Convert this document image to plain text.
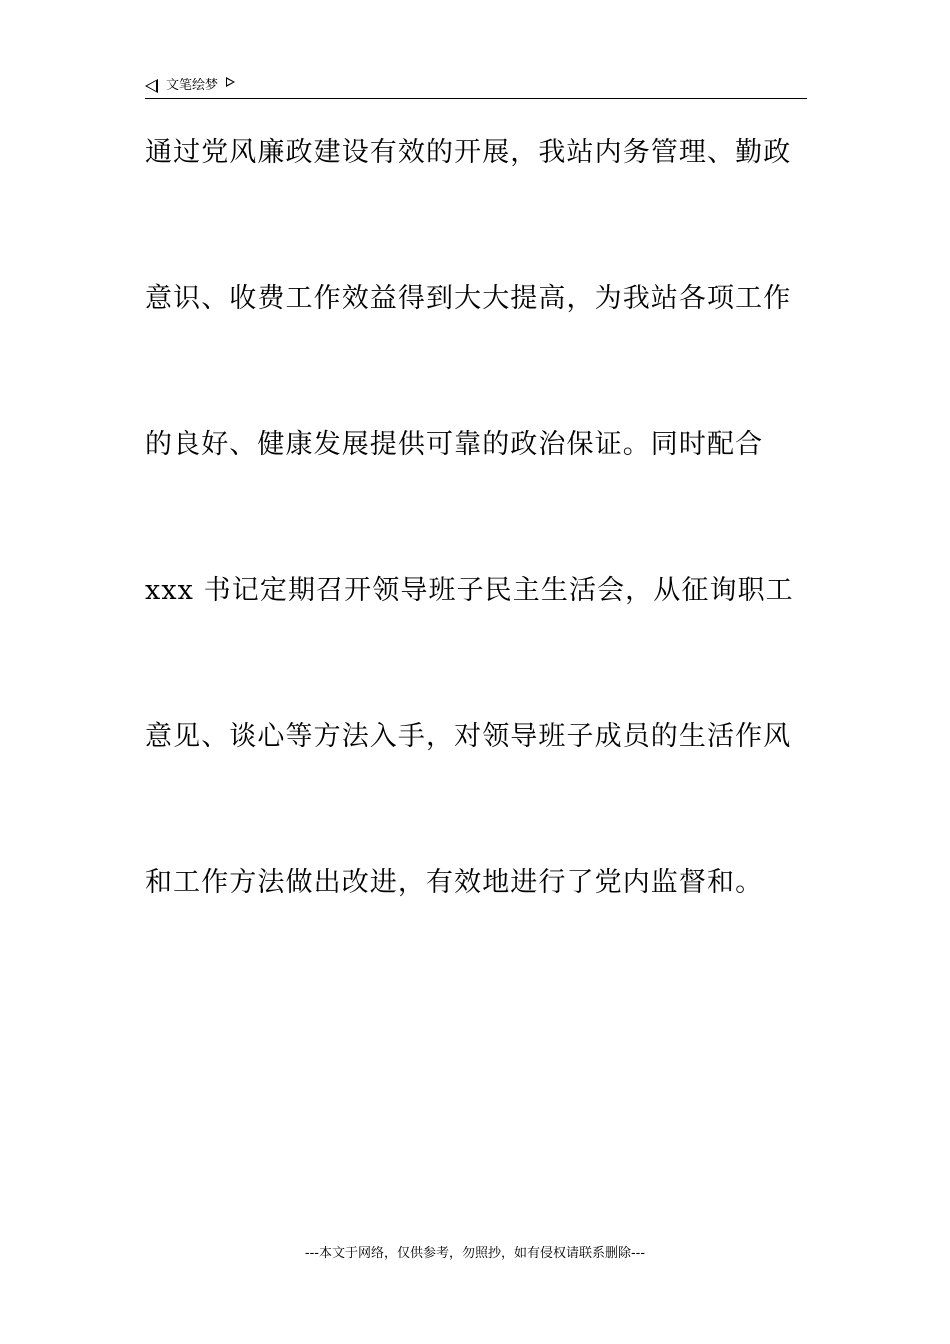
文笔绘梦
通过党风廉政建设有效的开展，我站内务管理、勤政
意识、收费工作效益得到大大提高，为我站各项工作
的良好、健康发展提供可靠的政治保证。同时配合
xxx 书记定期召开领导班子民主生活会，从征询职工
意见、谈心等方法入手，对领导班子成员的生活作风
和工作方法做出改进，有效地进行了党内监督和。
---本文于网络，仅供参考，勿照抄，如有侵权请联系删除---
